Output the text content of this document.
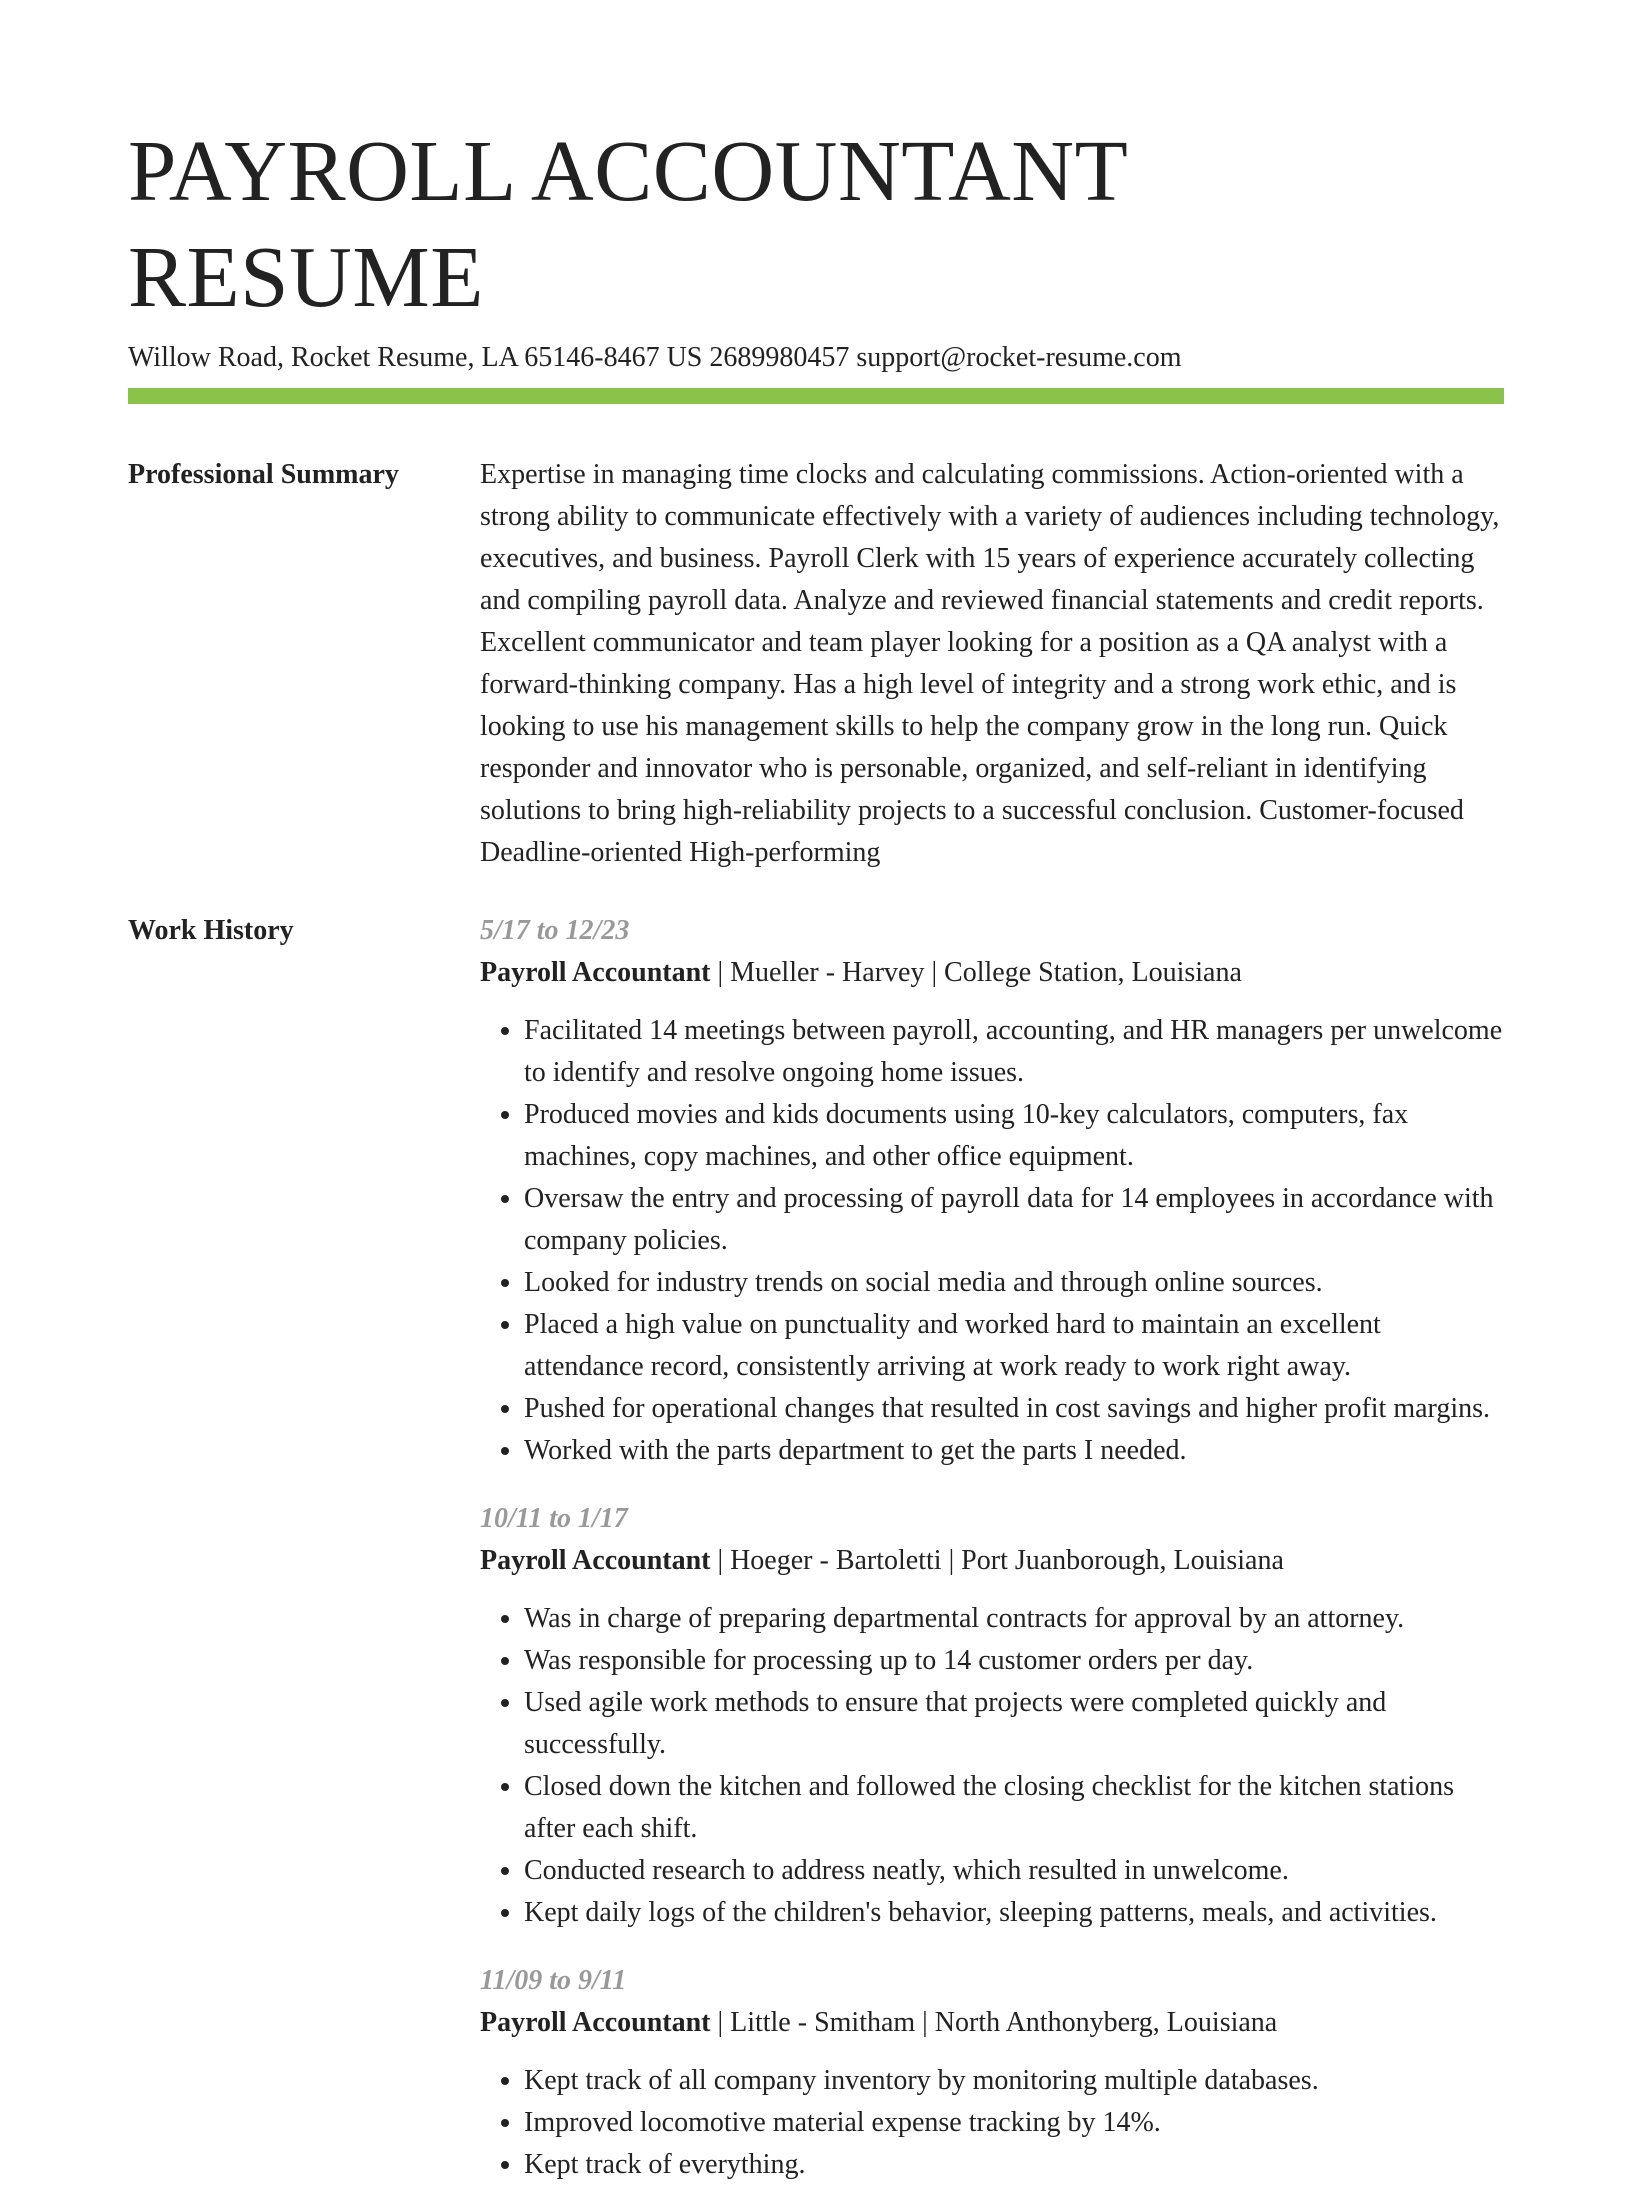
PAYROLL ACCOUNTANT RESUME
Willow Road, Rocket Resume, LA 65146-8467 US 2689980457 support@rocket-resume.com
Professional Summary	Expertise in managing time clocks and calculating commissions. Action-oriented with a strong ability to communicate effectively with a variety of audiences including technology, executives, and business. Payroll Clerk with 15 years of experience accurately collecting and compiling payroll data. Analyze and reviewed financial statements and credit reports. Excellent communicator and team player looking for a position as a QA analyst with a forward-thinking company. Has a high level of integrity and a strong work ethic, and is looking to use his management skills to help the company grow in the long run. Quick responder and innovator who is personable, organized, and self-reliant in identifying solutions to bring high-reliability projects to a successful conclusion. Customer-focused Deadline-oriented High-performing

Work History	5/17 to 12/23
Payroll Accountant | Mueller - Harvey | College Station, Louisiana
• Facilitated 14 meetings between payroll, accounting, and HR managers per unwelcome to identify and resolve ongoing home issues.
• Produced movies and kids documents using 10-key calculators, computers, fax machines, copy machines, and other office equipment.
• Oversaw the entry and processing of payroll data for 14 employees in accordance with company policies.
• Looked for industry trends on social media and through online sources.
• Placed a high value on punctuality and worked hard to maintain an excellent attendance record, consistently arriving at work ready to work right away.
• Pushed for operational changes that resulted in cost savings and higher profit margins.
• Worked with the parts department to get the parts I needed.
10/11 to 1/17
Payroll Accountant | Hoeger - Bartoletti | Port Juanborough, Louisiana
• Was in charge of preparing departmental contracts for approval by an attorney.
• Was responsible for processing up to 14 customer orders per day.
• Used agile work methods to ensure that projects were completed quickly and successfully.
• Closed down the kitchen and followed the closing checklist for the kitchen stations after each shift.
• Conducted research to address neatly, which resulted in unwelcome.
• Kept daily logs of the children's behavior, sleeping patterns, meals, and activities.
11/09 to 9/11
Payroll Accountant | Little - Smitham | North Anthonyberg, Louisiana
• Kept track of all company inventory by monitoring multiple databases.
• Improved locomotive material expense tracking by 14%.
• Kept track of everything.
